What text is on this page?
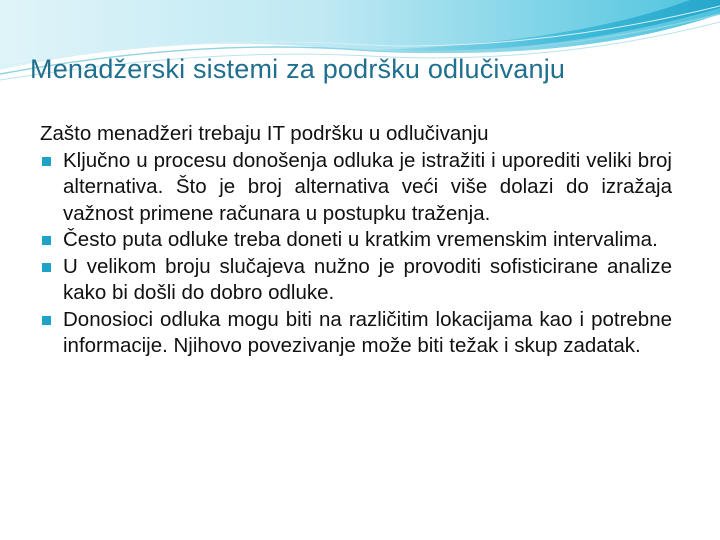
Menadžerski sistemi za podršku odlučivanju

Zašto menadžeri trebaju IT podršku u odlučivanju

Ključno u procesu donošenja odluka je istražiti i uporediti veliki broj alternativa. Što je broj alternativa veći više dolazi do izražaja važnost primene računara u postupku traženja.
Često puta odluke treba doneti u kratkim vremenskim intervalima.
U velikom broju slučajeva nužno je provoditi sofisticirane analize kako bi došli do dobro odluke.
Donosioci odluka mogu biti na različitim lokacijama kao i potrebne informacije. Njihovo povezivanje može biti težak i skup zadatak.
